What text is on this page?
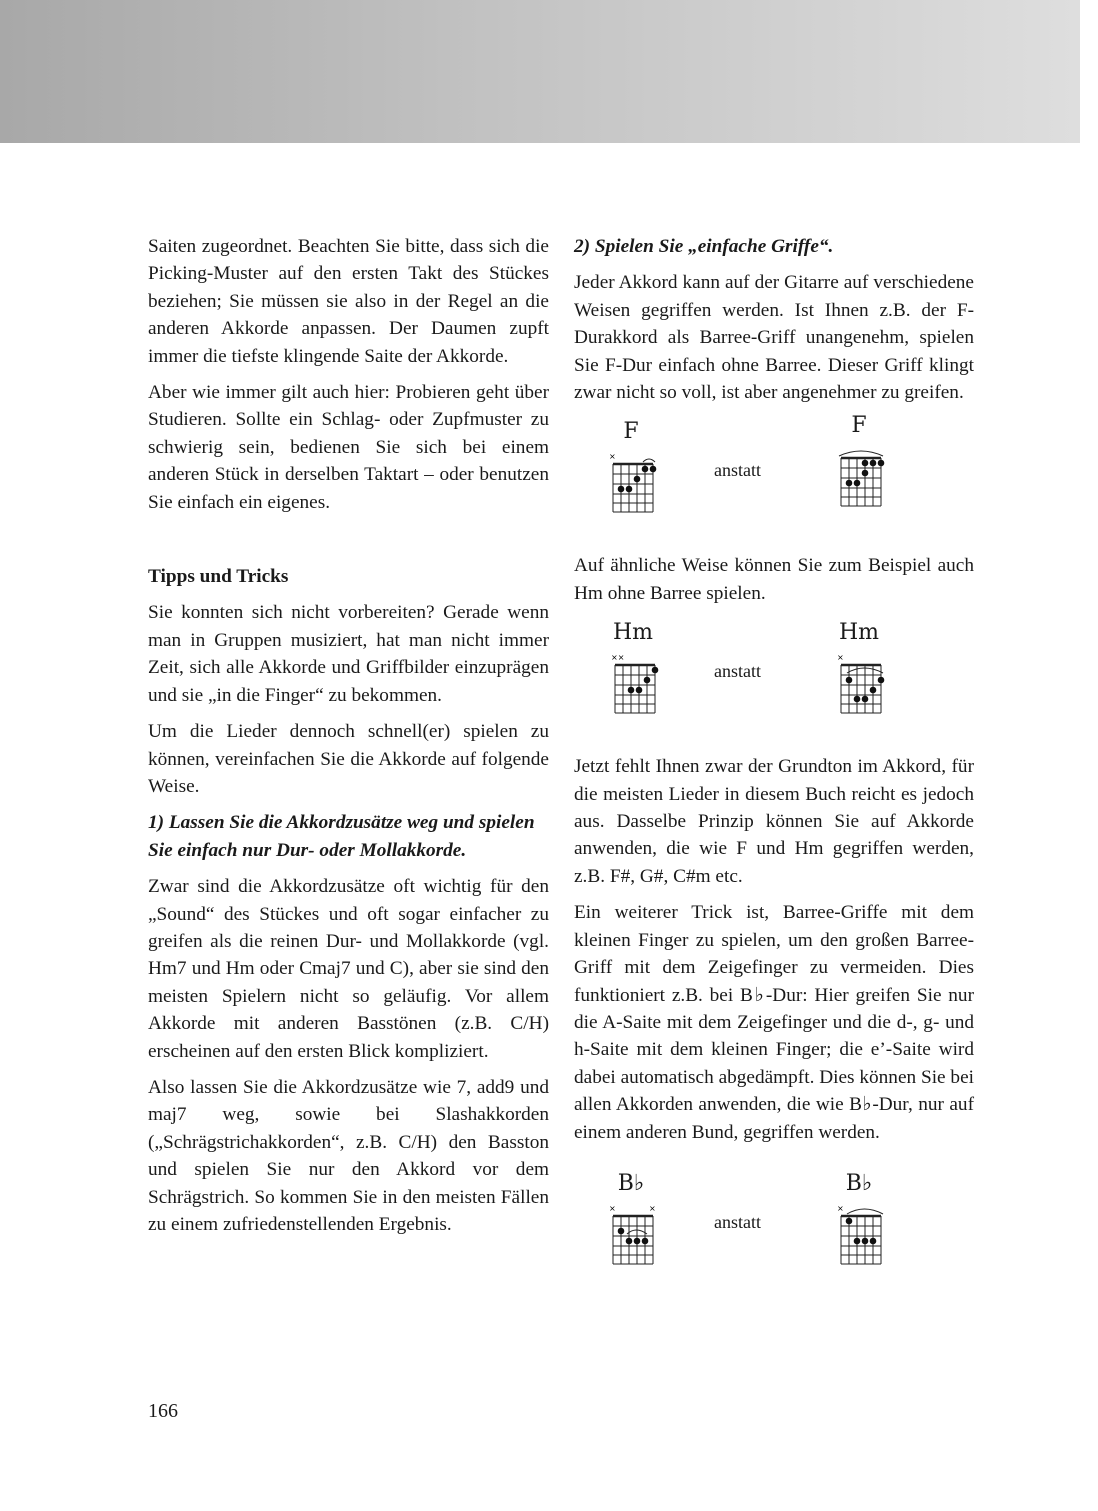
Saiten zugeordnet. Beachten Sie bitte, dass sich die Picking-Muster auf den ersten Takt des Stückes beziehen; Sie müssen sie also in der Regel an die anderen Akkorde anpassen. Der Daumen zupft immer die tiefste klingende Saite der Akkorde.

Aber wie immer gilt auch hier: Probieren geht über Studieren. Sollte ein Schlag- oder Zupfmuster zu schwierig sein, bedienen Sie sich bei einem anderen Stück in derselben Taktart – oder benutzen Sie einfach ein eigenes.

Tipps und Tricks

Sie konnten sich nicht vorbereiten? Gerade wenn man in Gruppen musiziert, hat man nicht immer Zeit, sich alle Akkorde und Griffbilder einzuprägen und sie „in die Finger“ zu bekommen.

Um die Lieder dennoch schnell(er) spielen zu können, vereinfachen Sie die Akkorde auf folgende Weise.

1) Lassen Sie die Akkordzusätze weg und spielen Sie einfach nur Dur- oder Mollakkorde.

Zwar sind die Akkordzusätze oft wichtig für den „Sound“ des Stückes und oft sogar einfacher zu greifen als die reinen Dur- und Mollakkorde (vgl. Hm7 und Hm oder Cmaj7 und C), aber sie sind den meisten Spielern nicht so geläufig. Vor allem Akkorde mit anderen Basstönen (z.B. C/H) erscheinen auf den ersten Blick kompliziert.

Also lassen Sie die Akkordzusätze wie 7, add9 und maj7 weg, sowie bei Slashakkorden („Schrägstrichakkorden“, z.B. C/H) den Basston und spielen Sie nur den Akkord vor dem Schrägstrich. So kommen Sie in den meisten Fällen zu einem zufriedenstellenden Ergebnis.

2) Spielen Sie „einfache Griffe“.

Jeder Akkord kann auf der Gitarre auf verschiedene Weisen gegriffen werden. Ist Ihnen z.B. der F-Durakkord als Barree-Griff unangenehm, spielen Sie F-Dur einfach ohne Barree. Dieser Griff klingt zwar nicht so voll, ist aber angenehmer zu greifen.

F
×
anstatt
F

Auf ähnliche Weise können Sie zum Beispiel auch Hm ohne Barree spielen.

Hm
××
anstatt
Hm
×

Jetzt fehlt Ihnen zwar der Grundton im Akkord, für die meisten Lieder in diesem Buch reicht es jedoch aus. Dasselbe Prinzip können Sie auf Akkorde anwenden, die wie F und Hm gegriffen werden, z.B. F#, G#, C#m etc.

Ein weiterer Trick ist, Barree-Griffe mit dem kleinen Finger zu spielen, um den großen Barree-Griff mit dem Zeigefinger zu vermeiden. Dies funktioniert z.B. bei B♭-Dur: Hier greifen Sie nur die A-Saite mit dem Zeigefinger und die d-, g- und h-Saite mit dem kleinen Finger; die e’-Saite wird dabei automatisch abgedämpft. Dies können Sie bei allen Akkorden anwenden, die wie B♭-Dur, nur auf einem anderen Bund, gegriffen werden.

B♭
×	×
anstatt
B♭
×
166
